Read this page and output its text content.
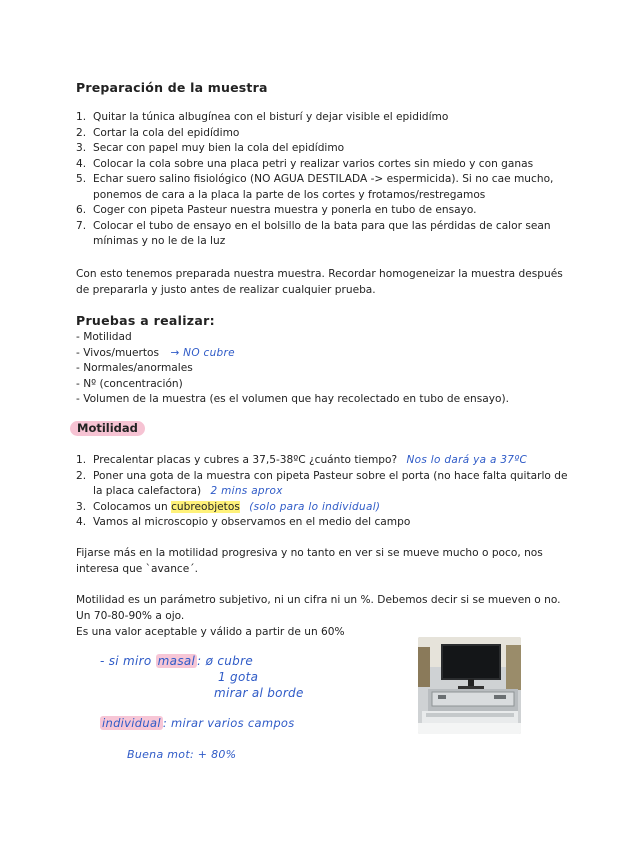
Preparación de la muestra
1. Quitar la túnica albugínea con el bisturí y dejar visible el epididímo
2. Cortar la cola del epidídimo
3. Secar con papel muy bien la cola del epidídimo
4. Colocar la cola sobre una placa petri y realizar varios cortes sin miedo y con ganas
5. Echar suero salino fisiológico (NO AGUA DESTILADA -> espermicida). Si no cae mucho,
ponemos de cara a la placa la parte de los cortes y frotamos/restregamos
6. Coger con pipeta Pasteur nuestra muestra y ponerla en tubo de ensayo.
7. Colocar el tubo de ensayo en el bolsillo de la bata para que las pérdidas de calor sean
mínimas y no le de la luz
Con esto tenemos preparada nuestra muestra. Recordar homogeneizar la muestra después
de prepararla y justo antes de realizar cualquier prueba.
Pruebas a realizar:
- Motilidad
- Vivos/muertos → NO cubre
- Normales/anormales
- Nº (concentración)
- Volumen de la muestra (es el volumen que hay recolectado en tubo de ensayo).
Motilidad
1. Precalentar placas y cubres a 37,5-38ºC ¿cuánto tiempo? Nos lo dará ya a 37ºC
2. Poner una gota de la muestra con pipeta Pasteur sobre el porta (no hace falta quitarlo de
la placa calefactora) 2 mins aprox
3. Colocamos un cubreobjetos (solo para lo individual)
4. Vamos al microscopio y observamos en el medio del campo
Fijarse más en la motilidad progresiva y no tanto en ver si se mueve mucho o poco, nos
interesa que `avance´.
Motilidad es un parámetro subjetivo, ni un cifra ni un %. Debemos decir si se mueven o no.
Un 70-80-90% a ojo.
Es una valor aceptable y válido a partir de un 60%
- si miro masal : ø cubre
1 gota
mirar al borde
individual : mirar varios campos
Buena mot: + 80%
